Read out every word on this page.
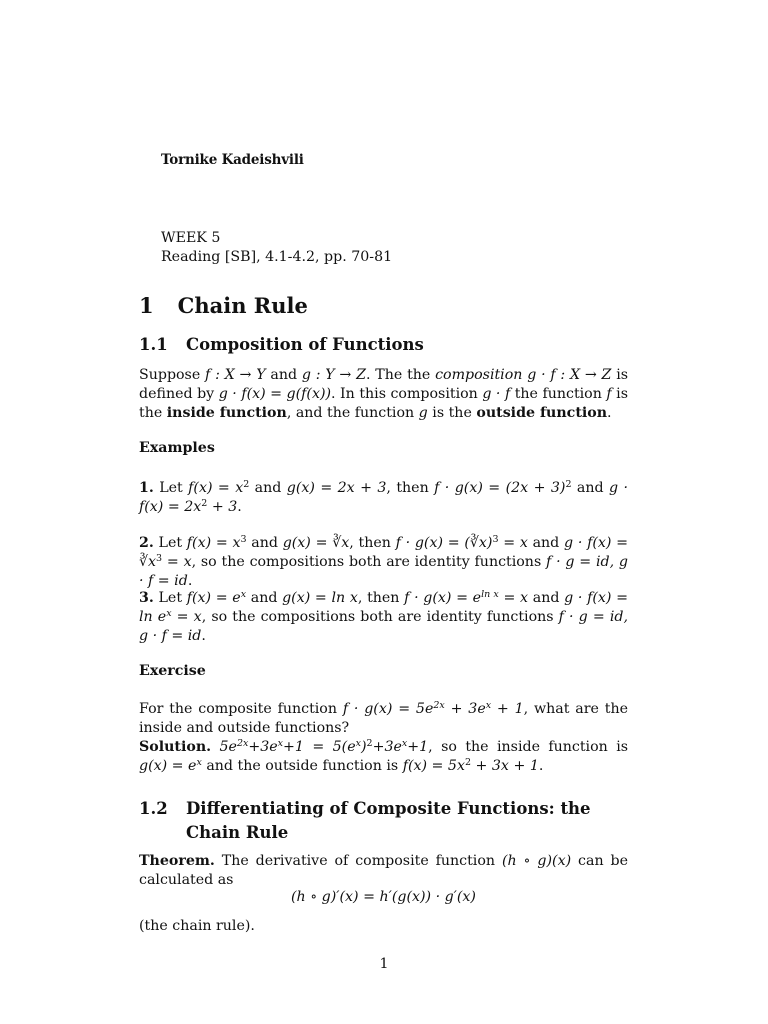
Tornike Kadeishvili
WEEK 5
Reading [SB], 4.1-4.2, pp. 70-81
1 Chain Rule
1.1	Composition of Functions
Suppose f : X → Y and g : Y → Z. The the composition g · f : X → Z is defined by g · f(x) = g(f(x)). In this composition g · f the function f is the inside function, and the function g is the outside function.
Examples
1. Let $f(x) = x^2$ and g(x) = 2x + 3, then $f \cdot g(x) = (2x + 3)^2$ and $g \cdot f(x) = 2x^2 + 3$.
2. Let $f(x) = x^3$ and g(x) = ∛x, then f · g(x) = (∛x)$^3$ = x and $g \cdot f(x) = ∛x^3 = x$, so the compositions both are identity functions f · g = id, g · f = id.
3. Let $f(x) = e^x$ and g(x) = ln x, then $f \cdot g(x) = e^{ln x} = x$ and $g \cdot f(x) = \ln e^x = x$, so the compositions both are identity functions f · g = id, g · f = id.
Exercise
For the composite function $f \cdot g(x) = 5e^{2x} + 3e^x + 1$, what are the inside and outside functions?
Solution. $5e^{2x}+3e^x+1 = 5(e^x)^2+3e^x+1$, so the inside function is $g(x) = e^x$ and the outside function is $f(x) = 5x^2 + 3x + 1$.
1.2	Differentiating of Composite Functions: the Chain Rule
Theorem. The derivative of composite function (h ∘ g)(x) can be calculated as
(h ∘ g)′(x) = h′(g(x)) · g′(x)
(the chain rule).
1
